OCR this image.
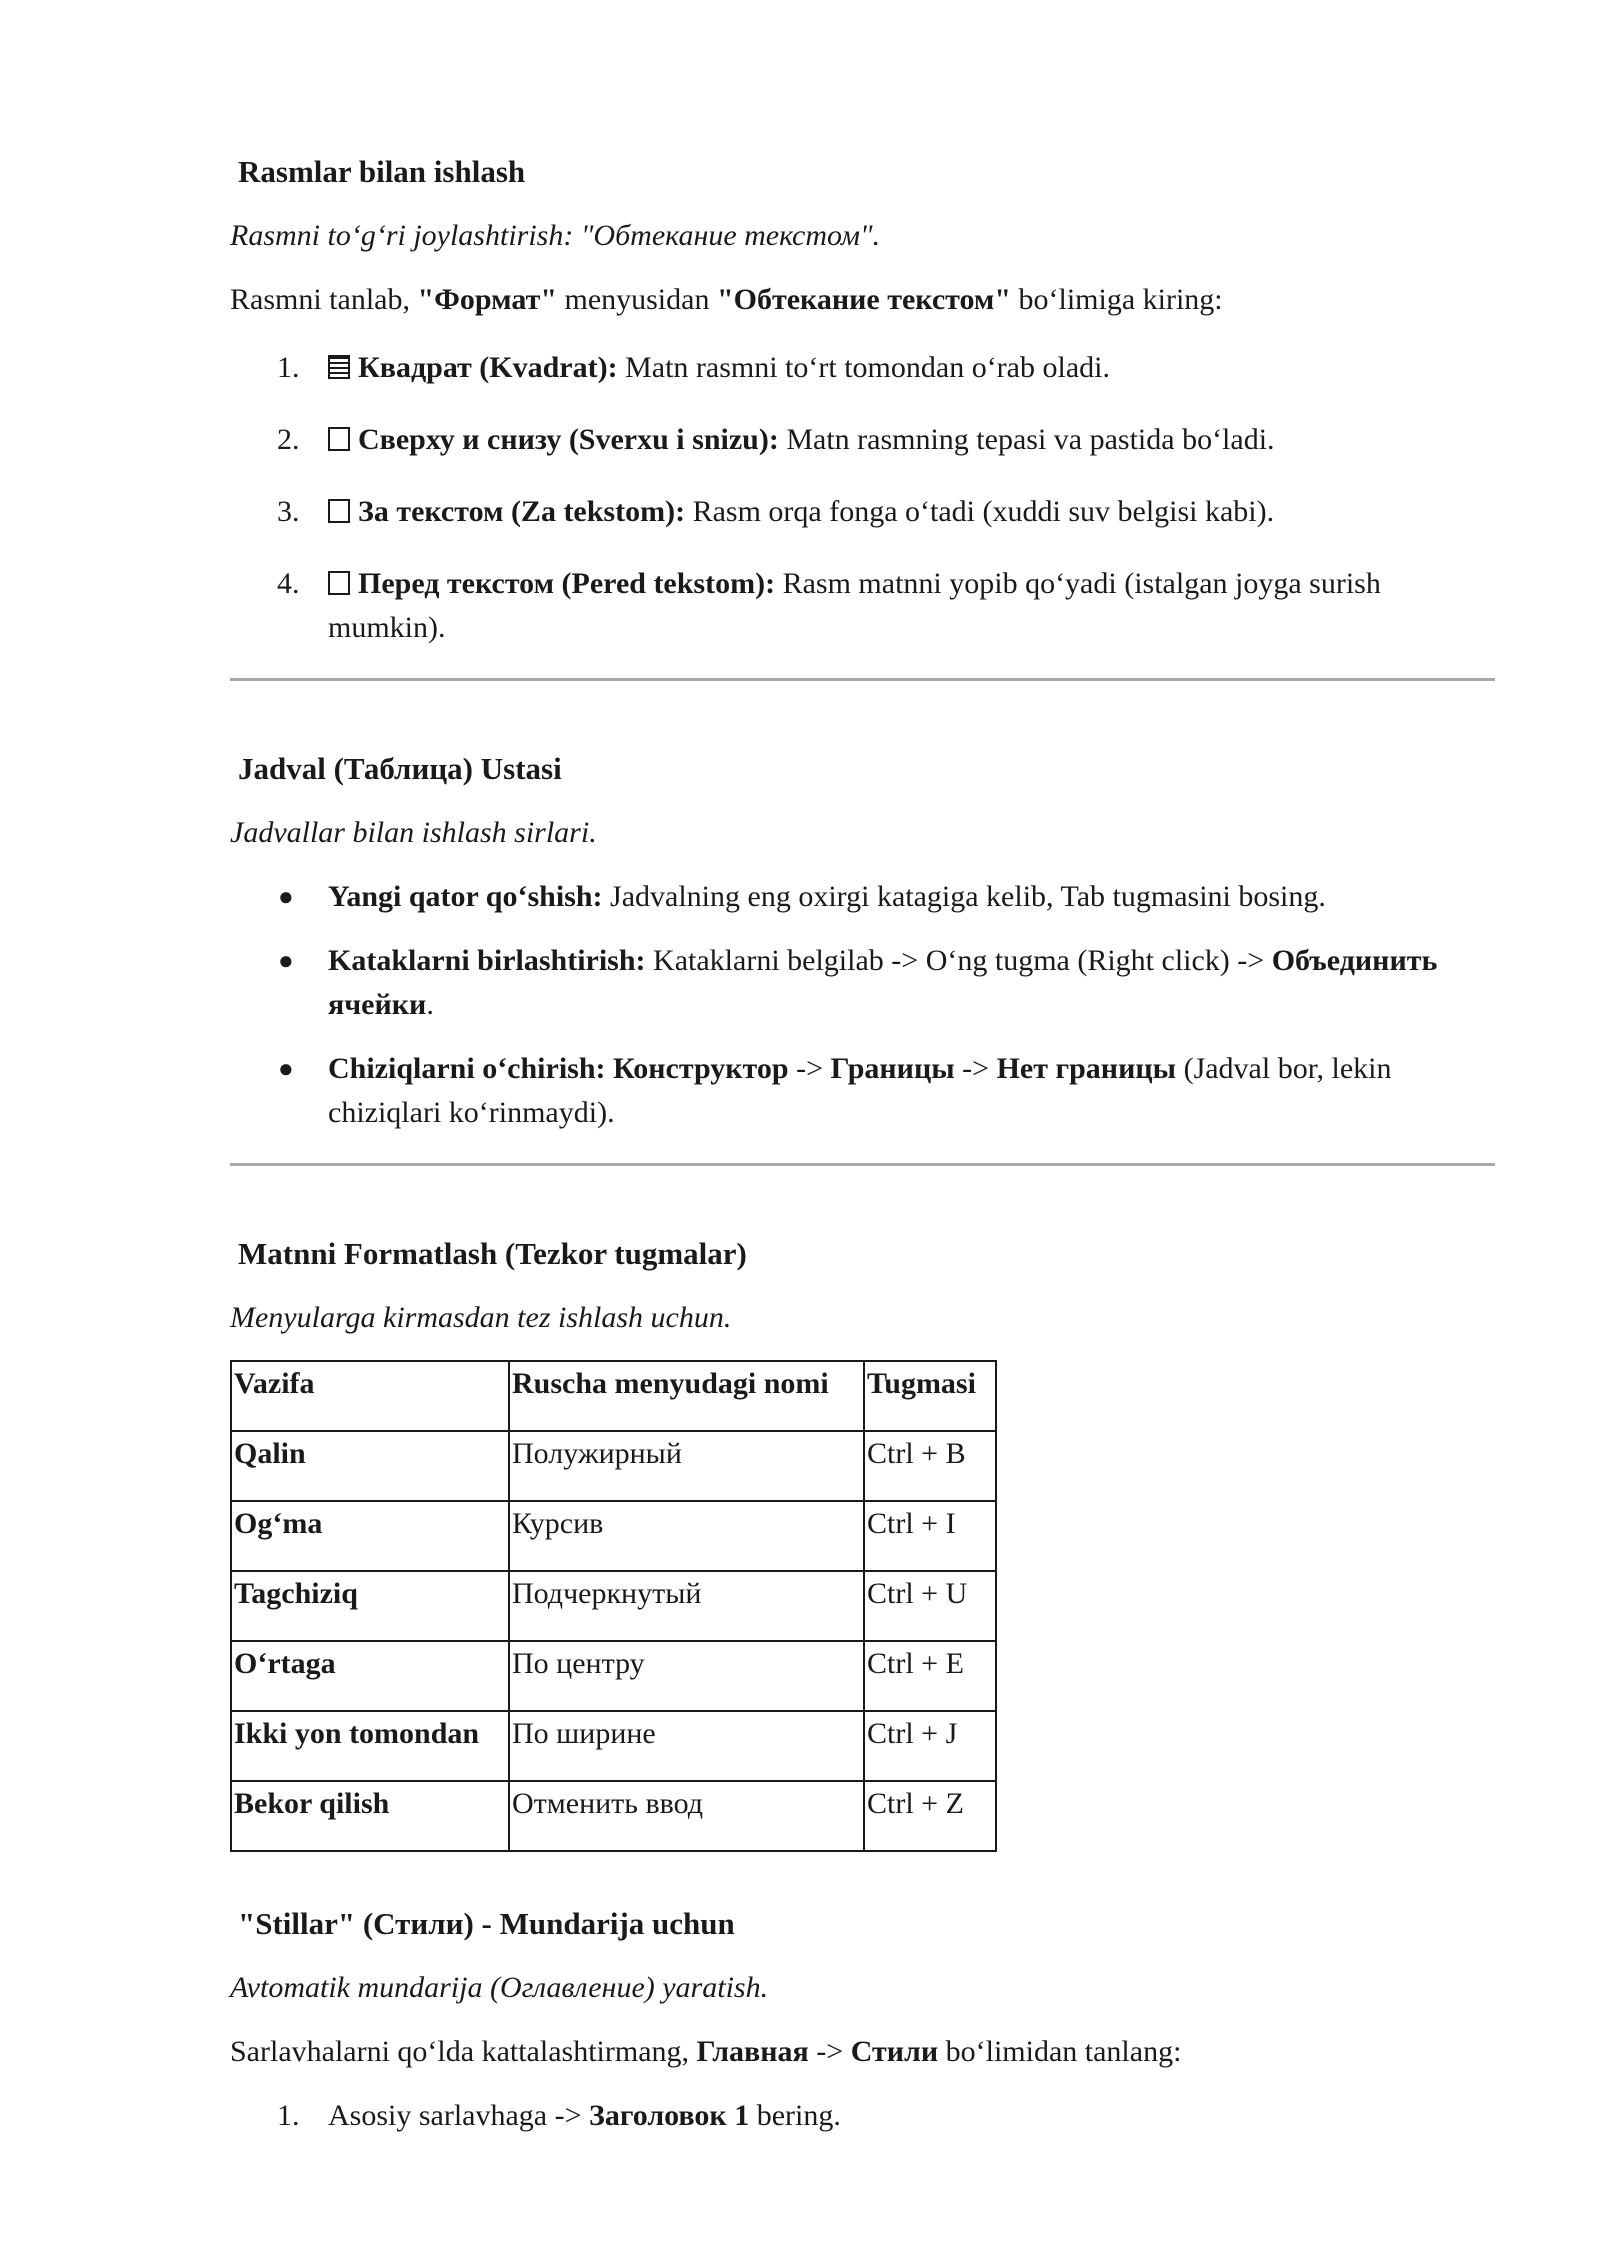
Rasmlar bilan ishlash

Rasmni to‘g‘ri joylashtirish: "Обтекание текстом".

Rasmni tanlab, "Формат" menyusidan "Обтекание текстом" bo‘limiga kiring:

1. Квадрат (Kvadrat): Matn rasmni to‘rt tomondan o‘rab oladi.
2. Сверху и снизу (Sverxu i snizu): Matn rasmning tepasi va pastida bo‘ladi.
3. За текстом (Za tekstom): Rasm orqa fonga o‘tadi (xuddi suv belgisi kabi).
4. Перед текстом (Pered tekstom): Rasm matnni yopib qo‘yadi (istalgan joyga surish mumkin).
Jadval (Таблица) Ustasi

Jadvallar bilan ishlash sirlari.

● Yangi qator qo‘shish: Jadvalning eng oxirgi katagiga kelib, Tab tugmasini bosing.
● Kataklarni birlashtirish: Kataklarni belgilab -> O‘ng tugma (Right click) -> Объединить ячейки.
● Chiziqlarni o‘chirish: Конструктор -> Границы -> Нет границы (Jadval bor, lekin chiziqlari ko‘rinmaydi).
Matnni Formatlash (Tezkor tugmalar)

Menyularga kirmasdan tez ishlash uchun.

Vazifa	Ruscha menyudagi nomi	Tugmasi
Qalin	Полужирный	Ctrl + B
Og‘ma	Курсив	Ctrl + I
Tagchiziq	Подчеркнутый	Ctrl + U
O‘rtaga	По центру	Ctrl + E
Ikki yon tomondan	По ширине	Ctrl + J
Bekor qilish	Отменить ввод	Ctrl + Z
"Stillar" (Стили) - Mundarija uchun

Avtomatik mundarija (Оглавление) yaratish.

Sarlavhalarni qo‘lda kattalashtirmang, Главная -> Стили bo‘limidan tanlang:

1. Asosiy sarlavhaga -> Заголовок 1 bering.
